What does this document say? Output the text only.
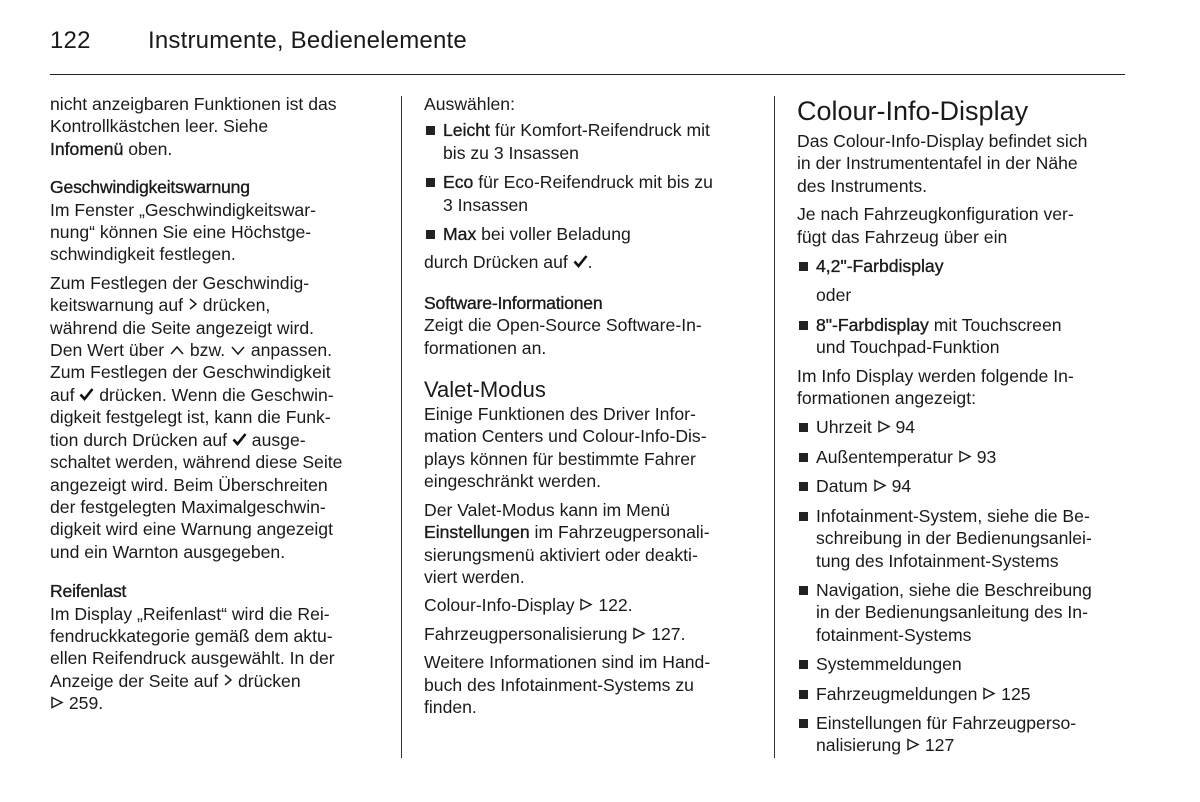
122 Instrumente, Bedienelemente

nicht anzeigbaren Funktionen ist das
Kontrollkästchen leer. Siehe
Infomenü oben.

Geschwindigkeitswarnung

Im Fenster „Geschwindigkeitswar-
nung“ können Sie eine Höchstge-
schwindigkeit festlegen.

Zum Festlegen der Geschwindig-
keitswarnung auf  drücken,
während die Seite angezeigt wird.
Den Wert über  bzw.  anpassen.
Zum Festlegen der Geschwindigkeit
auf  drücken. Wenn die Geschwin-
digkeit festgelegt ist, kann die Funk-
tion durch Drücken auf  ausge-
schaltet werden, während diese Seite
angezeigt wird. Beim Überschreiten
der festgelegten Maximalgeschwin-
digkeit wird eine Warnung angezeigt
und ein Warnton ausgegeben.

Reifenlast

Im Display „Reifenlast“ wird die Rei-
fendruckkategorie gemäß dem aktu-
ellen Reifendruck ausgewählt. In der
Anzeige der Seite auf  drücken
259.

Auswählen:

Leicht für Komfort-Reifendruck mit
bis zu 3 Insassen
Eco für Eco-Reifendruck mit bis zu
3 Insassen
Max bei voller Beladung

durch Drücken auf .

Software-Informationen

Zeigt die Open-Source Software-In-
formationen an.

Valet-Modus

Einige Funktionen des Driver Infor-
mation Centers und Colour-Info-Dis-
plays können für bestimmte Fahrer
eingeschränkt werden.

Der Valet-Modus kann im Menü
Einstellungen im Fahrzeugpersonali-
sierungsmenü aktiviert oder deakti-
viert werden.

Colour-Info-Display 122.

Fahrzeugpersonalisierung 127.

Weitere Informationen sind im Hand-
buch des Infotainment-Systems zu
finden.

Colour-Info-Display

Das Colour-Info-Display befindet sich
in der Instrumententafel in der Nähe
des Instruments.

Je nach Fahrzeugkonfiguration ver-
fügt das Fahrzeug über ein

4,2"-Farbdisplay
oder
8"-Farbdisplay mit Touchscreen
und Touchpad-Funktion

Im Info Display werden folgende In-
formationen angezeigt:

Uhrzeit 94
Außentemperatur 93
Datum 94
Infotainment-System, siehe die Be-
schreibung in der Bedienungsanlei-
tung des Infotainment-Systems
Navigation, siehe die Beschreibung
in der Bedienungsanleitung des In-
fotainment-Systems
Systemmeldungen
Fahrzeugmeldungen 125
Einstellungen für Fahrzeugperso-
nalisierung 127
